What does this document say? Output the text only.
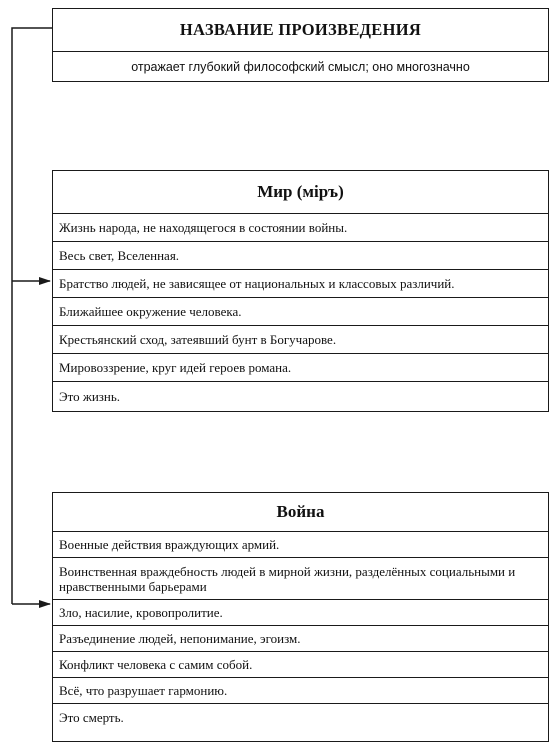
НАЗВАНИЕ ПРОИЗВЕДЕНИЯ
отражает глубокий философский смысл; оно многозначно
Мир (міръ)
Жизнь народа, не находящегося в состоянии войны.
Весь свет, Вселенная.
Братство людей, не зависящее от национальных и классовых различий.
Ближайшее окружение человека.
Крестьянский сход, затеявший бунт в Богучарове.
Мировоззрение, круг идей героев романа.
Это жизнь.
Война
Военные действия враждующих армий.
Воинственная враждебность людей в мирной жизни, разделённых социальными и нравственными барьерами
Зло, насилие, кровопролитие.
Разъединение людей, непонимание, эгоизм.
Конфликт человека с самим собой.
Всё, что разрушает гармонию.
Это смерть.
